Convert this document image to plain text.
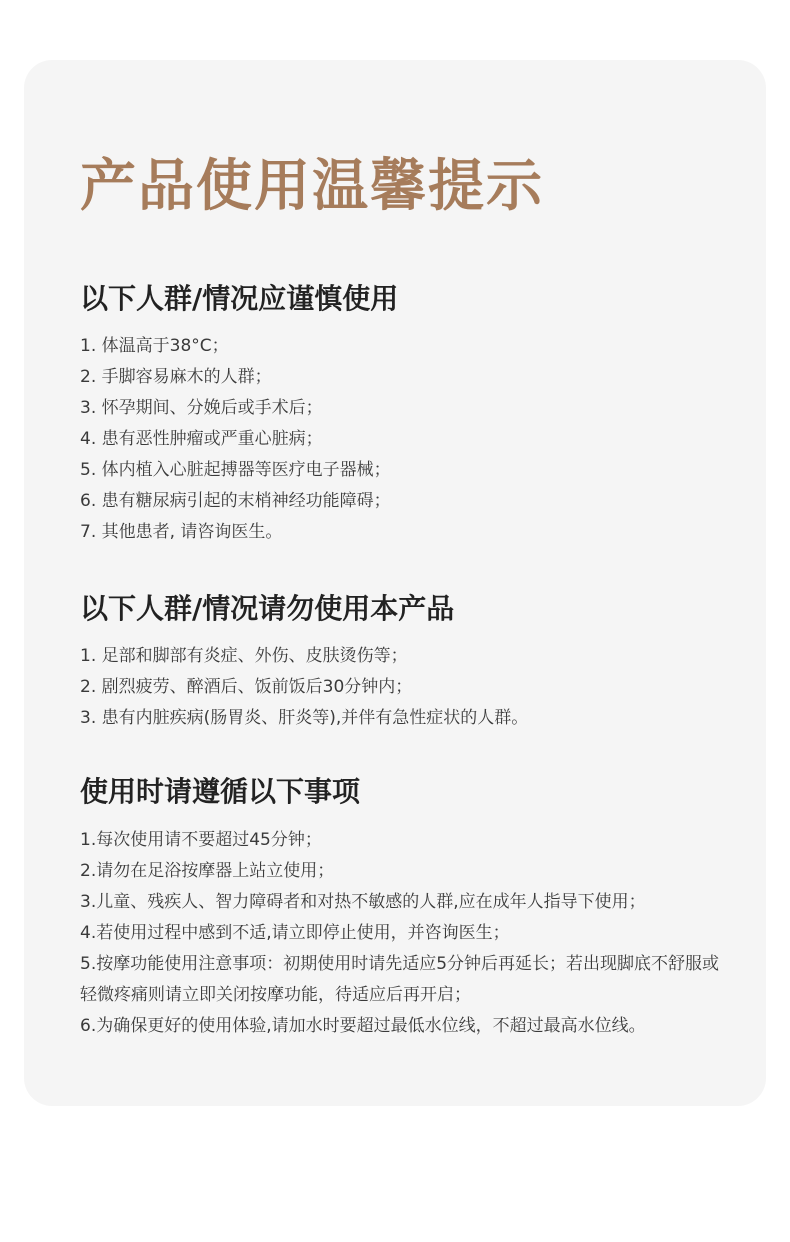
产品使用温馨提示
以下人群/情况应谨慎使用
1. 体温高于38°C；
2. 手脚容易麻木的人群；
3. 怀孕期间、分娩后或手术后；
4. 患有恶性肿瘤或严重心脏病；
5. 体内植入心脏起搏器等医疗电子器械；
6. 患有糖尿病引起的末梢神经功能障碍；
7. 其他患者, 请咨询医生。
以下人群/情况请勿使用本产品
1. 足部和脚部有炎症、外伤、皮肤烫伤等；
2. 剧烈疲劳、醉酒后、饭前饭后30分钟内；
3. 患有内脏疾病(肠胃炎、肝炎等),并伴有急性症状的人群。
使用时请遵循以下事项
1.每次使用请不要超过45分钟；
2.请勿在足浴按摩器上站立使用；
3.儿童、残疾人、智力障碍者和对热不敏感的人群,应在成年人指导下使用；
4.若使用过程中感到不适,请立即停止使用，并咨询医生；
5.按摩功能使用注意事项：初期使用时请先适应5分钟后再延长；若出现脚底不舒服或轻微疼痛则请立即关闭按摩功能，待适应后再开启；
6.为确保更好的使用体验,请加水时要超过最低水位线，不超过最高水位线。
